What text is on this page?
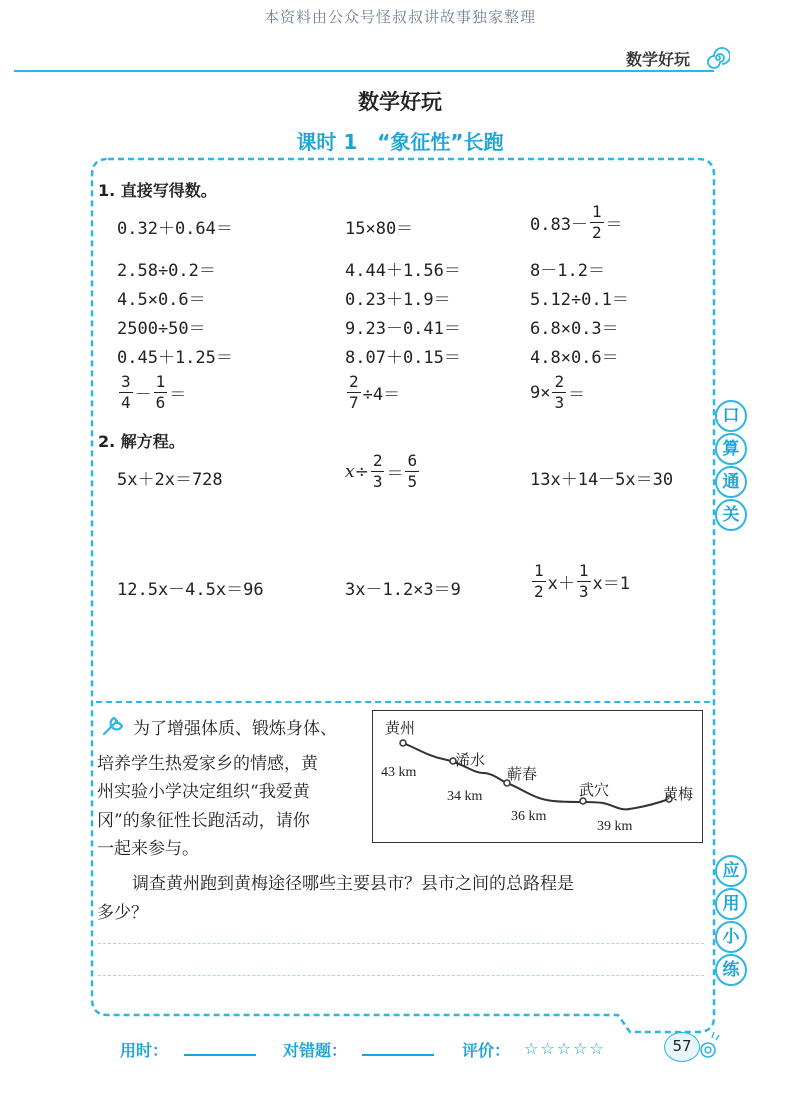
本资料由公众号怪叔叔讲故事独家整理
数学好玩
数学好玩
课时 1　“象征性”长跑
1. 直接写得数。
0.32＋0.64＝	15×80＝	$0.83- \frac{1}{2}$ ＝
2.58÷0.2＝	4.44＋1.56＝	8－1.2＝
4.5×0.6＝	0.23＋1.9＝	5.12÷0.1＝
2500÷50＝	9.23－0.41＝	6.8×0.3＝
0.45＋1.25＝	8.07＋0.15＝	4.8×0.6＝
$\frac{3}{4} - \frac{1}{6}$ ＝	$\frac{2}{7} \div 4=$	$9\times \frac{2}{3}$ ＝
2. 解方程。
5x＋2x＝728	$x\div \frac{2}{3} = \frac{6}{5}$	13x＋14－5x＝30
12.5x－4.5x＝96	3x－1.2×3＝9	$\frac{1}{2} x+ \frac{1}{3} x=1$
为了增强体质、锻炼身体、
培养学生热爱家乡的情感，黄
州实验小学决定组织“我爱黄
冈”的象征性长跑活动，请你
一起来参与。
黄州
浠水
蕲春
武穴	黄梅
43 km
34 km
36 km
39 km
调查黄州跑到黄梅途径哪些主要县市？县市之间的总路程是
多少？
口
算
通
关
应
用
小
练
用时：	对错题：	评价： ☆☆☆☆☆	57
